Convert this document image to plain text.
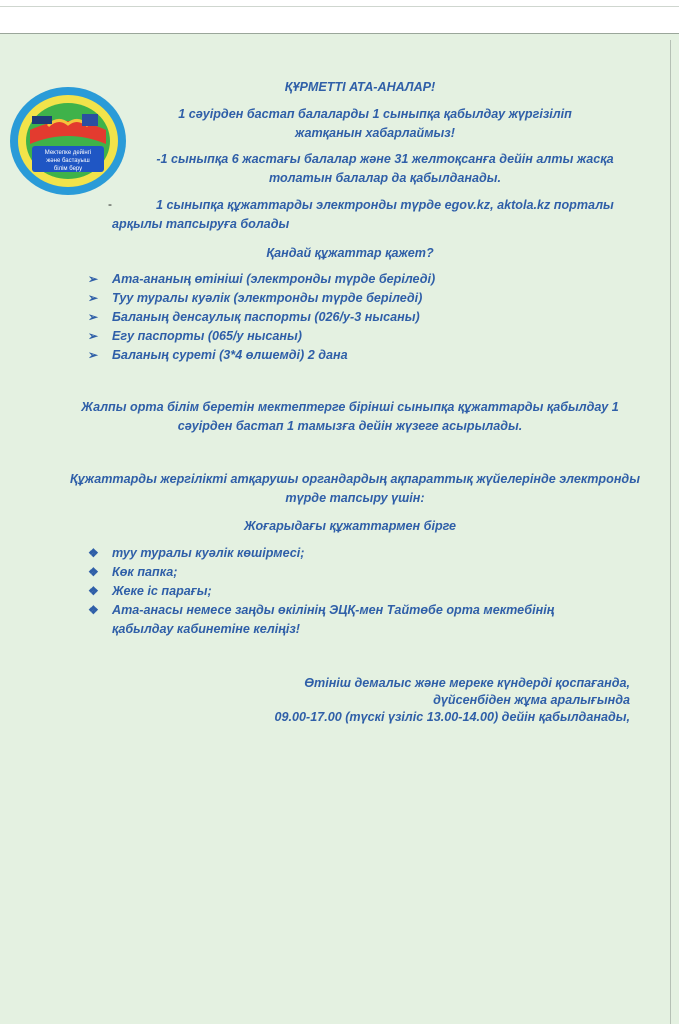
Мектепке дейінгі
және бастауыш
білім беру

ҚҰРМЕТТІ АТА-АНАЛАР!

1 сәуірден бастап балаларды 1 сыныпқа қабылдау жүргізіліп жатқанын хабарлаймыз!

-1 сыныпқа 6 жастағы балалар және 31 желтоқсанға дейін алты жасқа толатын балалар да қабылданады.

-	1 сыныпқа құжаттарды электронды түрде egov.kz, aktola.kz порталы арқылы тапсыруға болады

Қандай құжаттар қажет?

➢ Ата-ананың өтініші (электронды түрде беріледі)
➢ Туу туралы куәлік (электронды түрде беріледі)
➢ Баланың денсаулық паспорты (026/у-3 нысаны)
➢ Егу паспорты (065/у нысаны)
➢ Баланың суреті (3*4 өлшемді) 2 дана

Жалпы орта білім беретін мектептерге бірінші сыныпқа құжаттарды қабылдау 1 сәуірден бастап 1 тамызға дейін жүзеге асырылады.

Құжаттарды жергілікті атқарушы органдардың ақпараттық жүйелерінде электронды түрде тапсыру үшін:

Жоғарыдағы құжаттармен бірге

❖ туу туралы куәлік көшірмесі;
❖ Көк папка;
❖ Жеке іс парағы;
❖ Ата-анасы немесе заңды өкілінің ЭЦҚ-мен Тайтөбе орта мектебінің қабылдау кабинетіне келіңіз!

Өтініш демалыс және мереке күндерді қоспағанда,

дүйсенбіден жұма аралығында

09.00-17.00 (түскі үзіліс 13.00-14.00) дейін қабылданады,
